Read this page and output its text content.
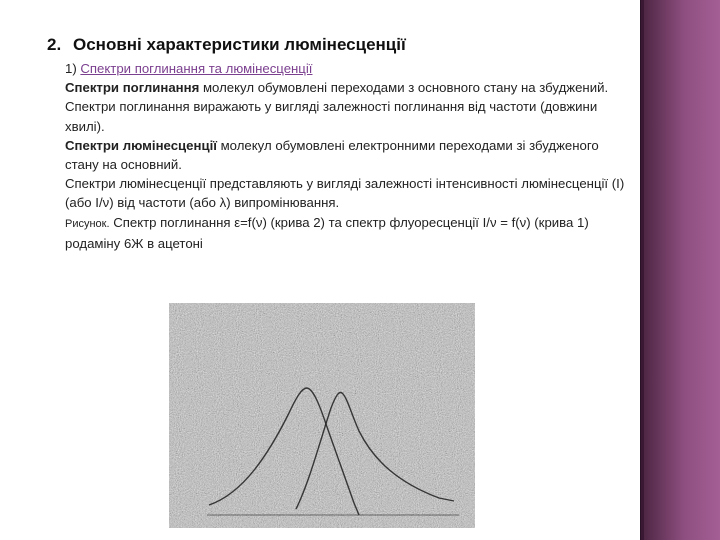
2. Основні характеристики люмінесценції

1) Спектри поглинання та люмінесценції

Спектри поглинання молекул обумовлені переходами з основного стану на збуджений.

Спектри поглинання виражають у вигляді залежності поглинання від частоти (довжини хвилі).

Спектри люмінесценції молекул обумовлені електронними переходами зі збудженого стану на основний.

Спектри люмінесценції представляють у вигляді залежності інтенсивності люмінесценції (І) (або І/ν) від частоти (або λ) випромінювання.

Рисунок. Спектр поглинання ε=f(ν) (крива 2) та спектр флуоресценції І/ν = f(ν) (крива 1) родаміну 6Ж в ацетоні
